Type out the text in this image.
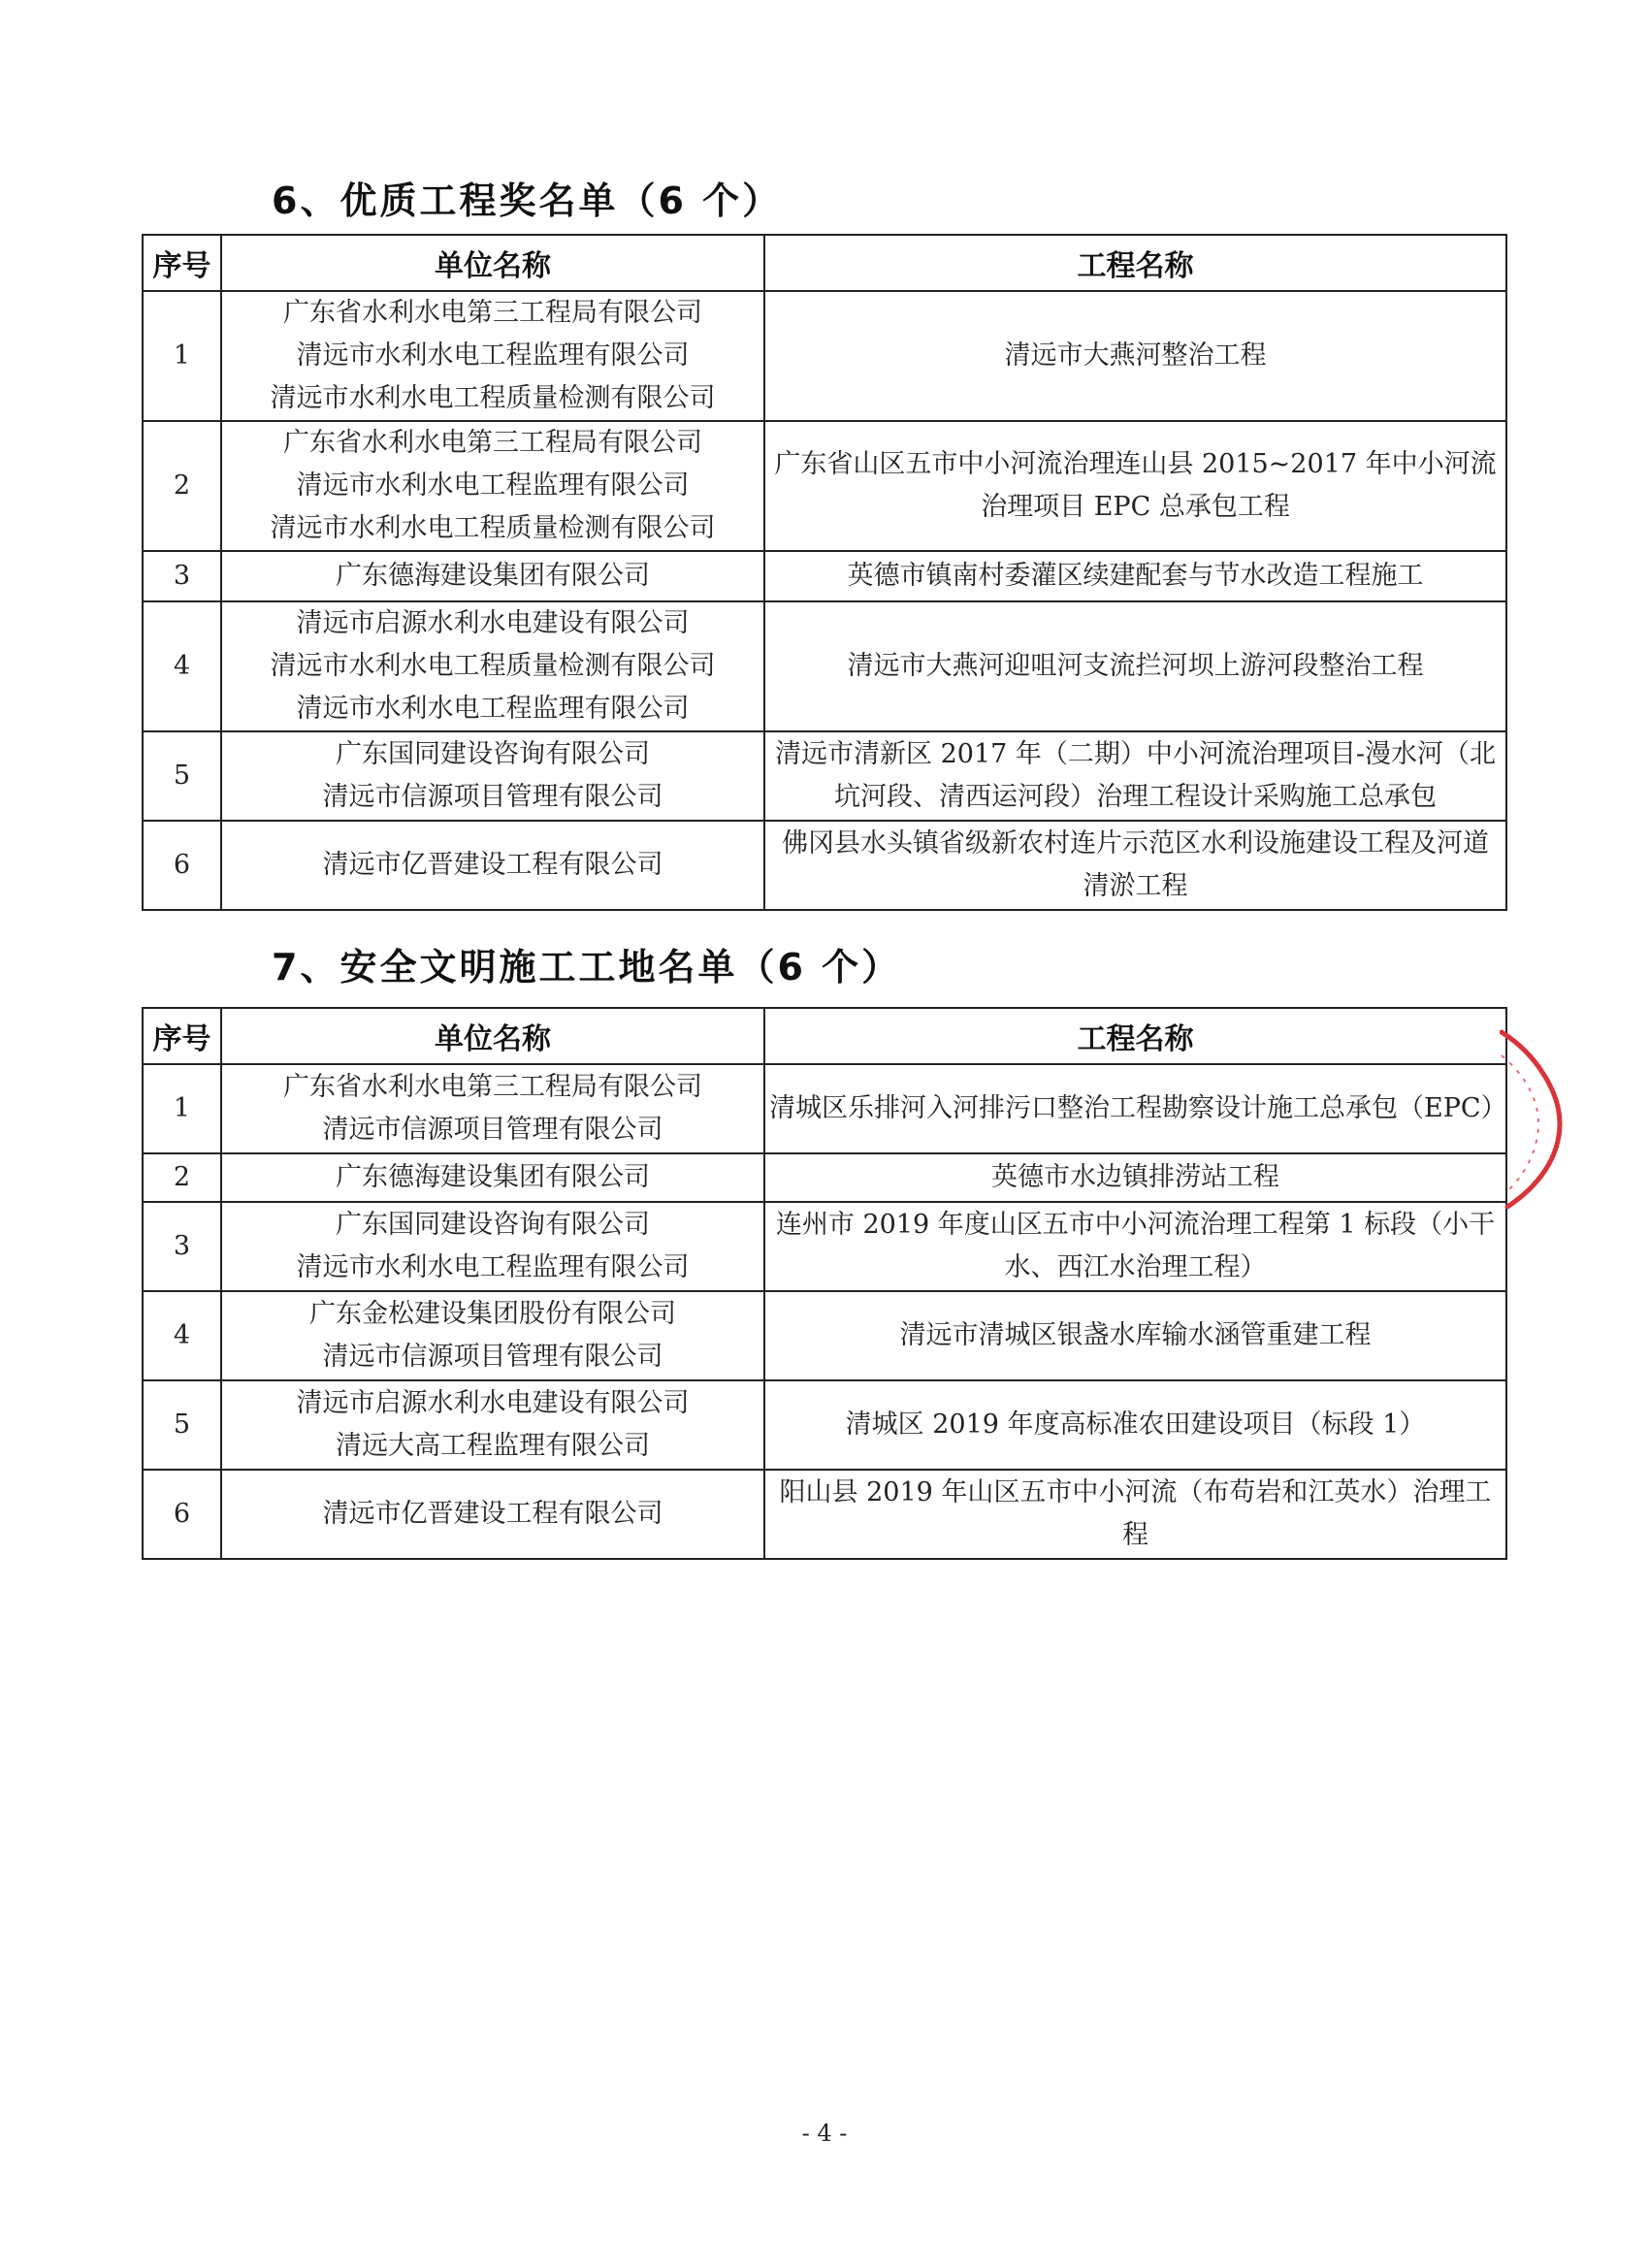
6、优质工程奖名单（6 个）
序号	单位名称	工程名称
1	广东省水利水电第三工程局有限公司
清远市水利水电工程监理有限公司
清远市水利水电工程质量检测有限公司	清远市大燕河整治工程
2	广东省水利水电第三工程局有限公司
清远市水利水电工程监理有限公司
清远市水利水电工程质量检测有限公司	广东省山区五市中小河流治理连山县 2015~2017 年中小河流治理项目 EPC 总承包工程
3	广东德海建设集团有限公司	英德市镇南村委灌区续建配套与节水改造工程施工
4	清远市启源水利水电建设有限公司
清远市水利水电工程质量检测有限公司
清远市水利水电工程监理有限公司	清远市大燕河迎咀河支流拦河坝上游河段整治工程
5	广东国同建设咨询有限公司
清远市信源项目管理有限公司	清远市清新区 2017 年（二期）中小河流治理项目-漫水河（北坑河段、清西运河段）治理工程设计采购施工总承包
6	清远市亿晋建设工程有限公司	佛冈县水头镇省级新农村连片示范区水利设施建设工程及河道清淤工程
7、安全文明施工工地名单（6 个）
序号	单位名称	工程名称
1	广东省水利水电第三工程局有限公司
清远市信源项目管理有限公司	清城区乐排河入河排污口整治工程勘察设计施工总承包（EPC）
2	广东德海建设集团有限公司	英德市水边镇排涝站工程
3	广东国同建设咨询有限公司
清远市水利水电工程监理有限公司	连州市 2019 年度山区五市中小河流治理工程第 1 标段（小干水、西江水治理工程）
4	广东金松建设集团股份有限公司
清远市信源项目管理有限公司	清远市清城区银盏水库输水涵管重建工程
5	清远市启源水利水电建设有限公司
清远大高工程监理有限公司	清城区 2019 年度高标准农田建设项目（标段 1）
6	清远市亿晋建设工程有限公司	阳山县 2019 年山区五市中小河流（布苟岩和江英水）治理工程
- 4 -
